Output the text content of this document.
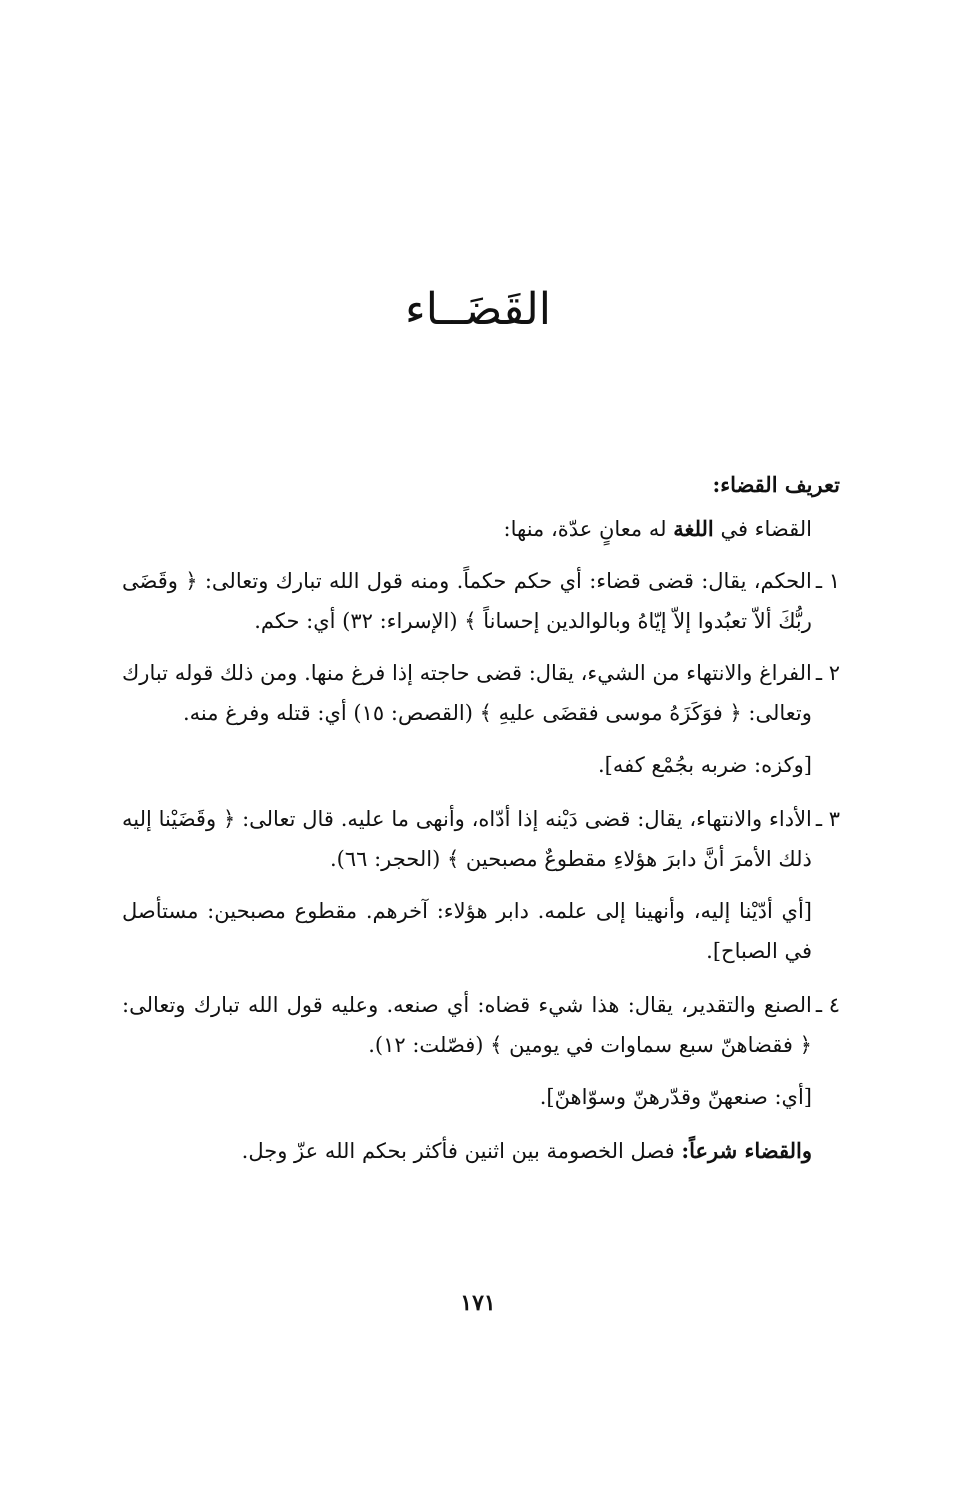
القَضَــاء
تعريف القضاء:
القضاء في اللغة له معانٍ عدّة، منها:
١ ـ
الحكم، يقال: قضى قضاء: أي حكم حكماً. ومنه قول الله تبارك وتعالى: ﴿ وقَضَى ربُّكَ ألاّ تعبُدوا إلاّ إيّاهُ وبالوالدين إحساناً ﴾ (الإسراء: ٣٢) أي: حكم.
٢ ـ
الفراغ والانتهاء من الشيء، يقال: قضى حاجته إذا فرغ منها. ومن ذلك قوله تبارك وتعالى: ﴿ فوَكَزَهُ موسى فقضَى عليهِ ﴾ (القصص: ١٥) أي: قتله وفرغ منه.
[وكزه: ضربه بجُمْع كفه].
٣ ـ
الأداء والانتهاء، يقال: قضى دَيْنه إذا أدّاه، وأنهى ما عليه. قال تعالى: ﴿ وقَضَيْنا إليه ذلك الأمرَ أنَّ دابرَ هؤلاءِ مقطوعٌ مصبحين ﴾ (الحجر: ٦٦).
[أي أدّيْنا إليه، وأنهينا إلى علمه. دابر هؤلاء: آخرهم. مقطوع مصبحين: مستأصل في الصباح].
٤ ـ
الصنع والتقدير، يقال: هذا شيء قضاه: أي صنعه. وعليه قول الله تبارك وتعالى: ﴿ فقضاهنّ سبع سماوات في يومين ﴾ (فصّلت: ١٢).
[أي: صنعهنّ وقدّرهنّ وسوّاهنّ].
والقضاء شرعاً: فصل الخصومة بين اثنين فأكثر بحكم الله عزّ وجل.
١٧١
